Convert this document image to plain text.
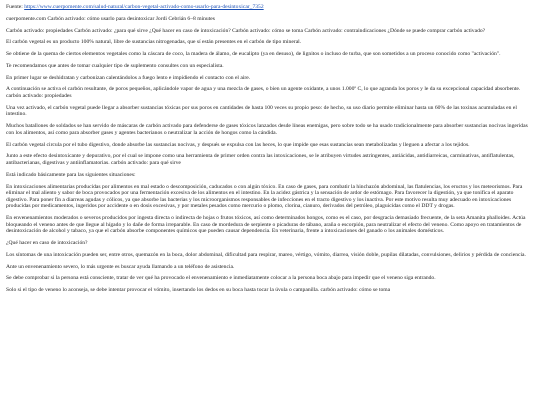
Fuente: https://www.cuerpomente.com/salud-natural/carbon-vegetal-activado-como-usarlo-para-desintoxicar_7352

cuerpomente.com Carbón activado: cómo usarlo para desintoxicar Jordi Cebrián 6–8 minutes

Carbón activado: propiedades Carbón activado: ¿para qué sirve ¿Qué hacer en caso de intoxicación? Carbón activado: cómo se toma Carbón activado: contraindicaciones ¿Dónde se puede comprar carbón activado?

El carbón vegetal es un producto 100% natural, libre de sustancias nitrogenadas, que sí están presentes en el carbón de tipo mineral.

Se obtiene de la quema de ciertos elementos vegetales como la cáscara de coco, la madera de álamo, de eucalipto (ya en desuso), de lignitos o incluso de turba, que son sometidos a un proceso conocido como "activación".

Te recomendamos que antes de tomar cualquier tipo de suplemento consultes con un especialista.

En primer lugar se deshidratan y carbonizan calentándolos a fuego lento e impidiendo el contacto con el aire.

A continuación se activa el carbón resultante, de poros pequeños, aplicándole vapor de agua y una mezcla de gases, o bien un agente oxidante, a unos 1.000º C, lo que agranda los poros y le da su excepcional capacidad absorbente. carbón activado: propiedades

Una vez activado, el carbón vegetal puede llegar a absorber sustancias tóxicas por sus poros en cantidades de hasta 100 veces su propio peso: de hecho, su uso diario permite eliminar hasta un 60% de las toxinas acumuladas en el intestino.

Muchos batallones de soldados se han servido de máscaras de carbón activado para defenderse de gases tóxicos lanzados desde líneas enemigas, pero sobre todo se ha usado tradicionalmente para absorber sustancias nocivas ingeridas con los alimentos, así como para absorber gases y agentes bacterianos o neutralizar la acción de hongos como la cándida.

El carbón vegetal circula por el tubo digestivo, donde absorbe las sustancias nocivas, y después se expulsa con las heces, lo que impide que esas sustancias sean metabolizadas y lleguen a afectar a los tejidos.

Junto a este efecto desintoxicante y depurativo, por el cual se impone como una herramienta de primer orden contra las intoxicaciones, se le atribuyen virtudes astringentes, antiácidas, antidiarreicas, carminativas, antiflatulentas, antibacterianas, digestivas y antiinflamatorias. carbón activado: para qué sirve

Está indicado básicamente para las siguientes situaciones:

En intoxicaciones alimentarias producidas por alimentos en mal estado o descomposición, caducados o con algún tóxico. En caso de gases, para combatir la hinchazón abdominal, las flatulencias, los eructos y los meteorismos. Para eliminar el mal aliento y sabor de boca provocados por una fermentación excesiva de los alimentos en el intestino. En la acidez gástrica y la sensación de ardor de estómago. Para favorecer la digestión, ya que tonifica el aparato digestivo. Para poner fin a diarreas agudas y cólicos, ya que absorbe las bacterias y los microorganismos responsables de infecciones en el tracto digestivo y los inactiva. Por este motivo resulta muy adecuado en intoxicaciones producidas por medicamentos, ingeridos por accidente o en dosis excesivas, y por metales pesados como mercurio o plomo, clorina, cianuro, derivados del petróleo, plaguicidas como el DDT y drogas.

En envenenamientos moderados o severos producidos por ingesta directa o indirecta de hojas o frutos tóxicos, así como determinados hongos, como es el caso, por desgracia demasiado frecuente, de la seta Amanita phalloides. Actúa bloqueando el veneno antes de que llegue al hígado y lo dañe de forma irreparable. En caso de mordedura de serpiente o picaduras de tábano, araña o escorpión, para neutralizar el efecto del veneno. Como apoyo en tratamientos de desintoxicación de alcohol y tabaco, ya que el carbón absorbe componentes químicos que pueden causar dependencia. En veterinaria, frente a intoxicaciones del ganado o los animales domésticos.

¿Qué hacer en caso de intoxicación?

Los síntomas de una intoxicación pueden ser, entre otros, quemazón en la boca, dolor abdominal, dificultad para respirar, mareo, vértigo, vómito, diarrea, visión doble, pupilas dilatadas, convulsiones, delirios y pérdida de conciencia.

Ante un envenenamiento severo, lo más urgente es buscar ayuda llamando a un teléfono de asistencia.

Se debe comprobar si la persona está consciente, tratar de ver qué ha provocado el envenenamiento e inmediatamente colocar a la persona boca abajo para impedir que el veneno siga entrando.

Solo si el tipo de veneno lo aconseja, se debe intentar provocar el vómito, insertando los dedos en su boca hasta tocar la úvula o campanilla. carbón activado: cómo se toma
